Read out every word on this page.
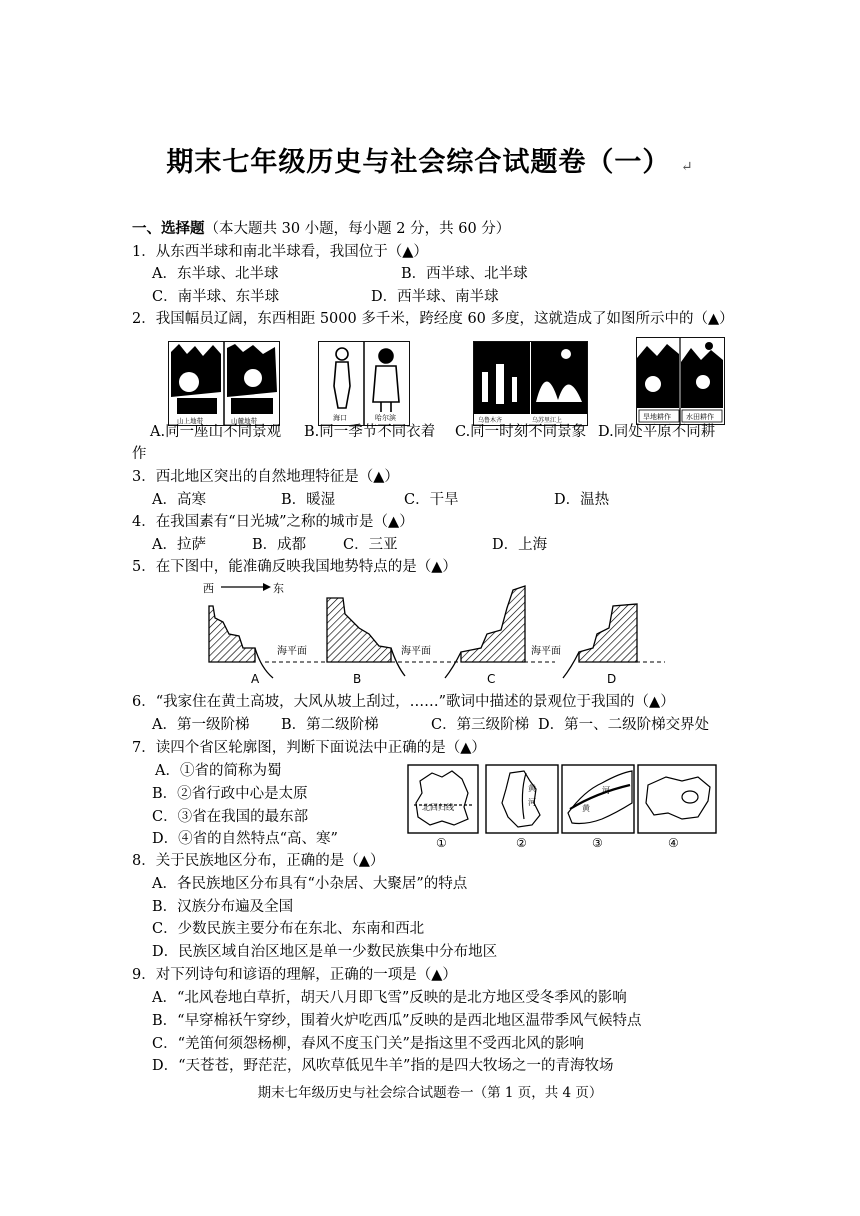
期末七年级历史与社会综合试题卷（一） ↵
一、选择题（本大题共 30 小题，每小题 2 分，共 60 分）
1．从东西半球和南北半球看，我国位于（▲）
A．东半球、北半球	B．西半球、北半球
C．南半球、东半球	D．西半球、南半球
2．我国幅员辽阔，东西相距 5000 多千米，跨经度 60 多度，这就造成了如图所示中的（▲）
山上地带	山麓地带	海口	哈尔滨	乌鲁木齐	乌苏里江上	旱地耕作 水田耕作
A.同一座山不同景观 B.同一季节不同衣着 C.同一时刻不同景象 D.同处平原不同耕
作
3．西北地区突出的自然地理特征是（▲）
A．高寒	B．暖湿	C．干旱	D．温热
4．在我国素有“日光城”之称的城市是（▲）
A．拉萨	B．成都	C．三亚	D．上海
5．在下图中，能准确反映我国地势特点的是（▲）
西	东
海平面
A	B
海平面
C
海平面
D
6．“我家住在黄土高坡，大风从坡上刮过，……”歌词中描述的景观位于我国的（▲）
A．第一级阶梯 B．第二级阶梯	C．第三级阶梯 D．第一、二级阶梯交界处
7．读四个省区轮廓图，判断下面说法中正确的是（▲）
A．①省的简称为蜀
B．②省行政中心是太原
C．③省在我国的最东部
D．④省的自然特点“高、寒”
北回归线
黄
河
河
黄
①	②	③	④
8．关于民族地区分布，正确的是（▲）
A．各民族地区分布具有“小杂居、大聚居”的特点
B．汉族分布遍及全国
C．少数民族主要分布在东北、东南和西北
D．民族区域自治区地区是单一少数民族集中分布地区
9．对下列诗句和谚语的理解，正确的一项是（▲）
A．“北风卷地白草折，胡天八月即飞雪”反映的是北方地区受冬季风的影响
B．“早穿棉袄午穿纱，围着火炉吃西瓜”反映的是西北地区温带季风气候特点
C．“羌笛何须怨杨柳，春风不度玉门关”是指这里不受西北风的影响
D．“天苍苍，野茫茫，风吹草低见牛羊”指的是四大牧场之一的青海牧场
期末七年级历史与社会综合试题卷一（第 1 页，共 4 页）
